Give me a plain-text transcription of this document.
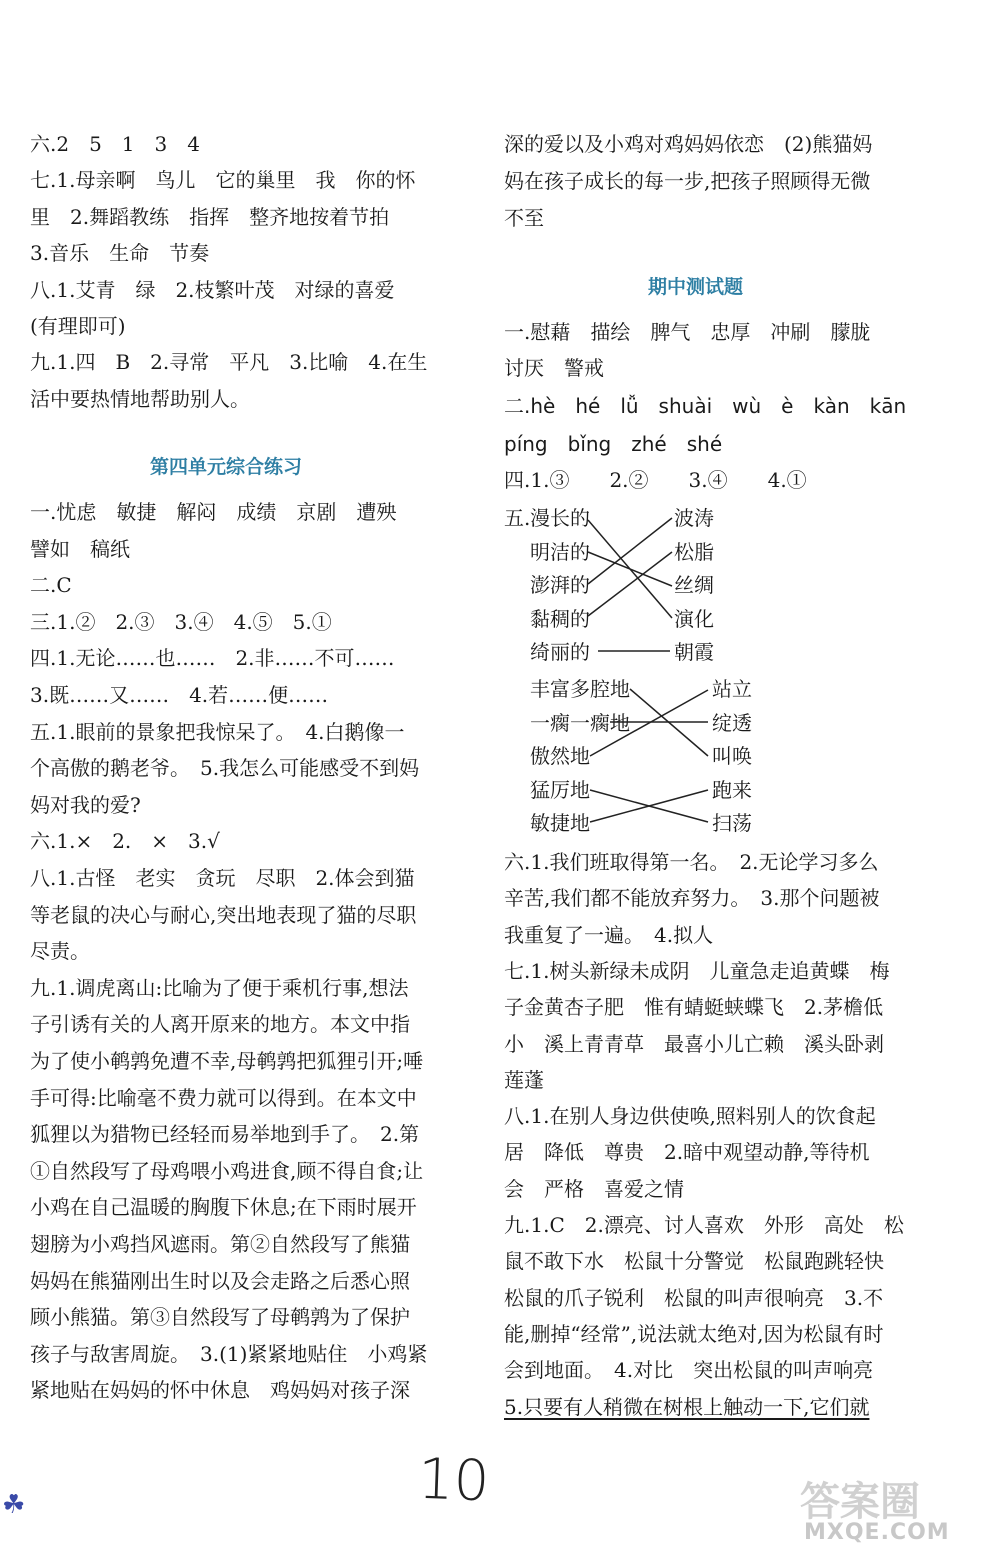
六.2　5　1　3　4
七.1.母亲啊　鸟儿　它的巢里　我　你的怀
里　2.舞蹈教练　指挥　整齐地按着节拍
3.音乐　生命　节奏
八.1.艾青　绿　2.枝繁叶茂　对绿的喜爱
(有理即可)
九.1.四　B　2.寻常　平凡　3.比喻　4.在生
活中要热情地帮助别人。
第四单元综合练习
一.忧虑　敏捷　解闷　成绩　京剧　遭殃
譬如　稿纸
二.C
三.1.②　2.③　3.④　4.⑤　5.①
四.1.无论……也……　2.非……不可……
3.既……又……　4.若……便……
五.1.眼前的景象把我惊呆了。　4.白鹅像一
个高傲的鹅老爷。　5.我怎么可能感受不到妈
妈对我的爱?
六.1.×　2.　×　3.√
八.1.古怪　老实　贪玩　尽职　2.体会到猫
等老鼠的决心与耐心,突出地表现了猫的尽职
尽责。
九.1.调虎离山:比喻为了便于乘机行事,想法
子引诱有关的人离开原来的地方。本文中指
为了使小鹌鹑免遭不幸,母鹌鹑把狐狸引开;唾
手可得:比喻毫不费力就可以得到。在本文中
狐狸以为猎物已经轻而易举地到手了。　2.第
①自然段写了母鸡喂小鸡进食,顾不得自食;让
小鸡在自己温暖的胸腹下休息;在下雨时展开
翅膀为小鸡挡风遮雨。第②自然段写了熊猫
妈妈在熊猫刚出生时以及会走路之后悉心照
顾小熊猫。第③自然段写了母鹌鹑为了保护
孩子与敌害周旋。　3.(1)紧紧地贴住　小鸡紧
紧地贴在妈妈的怀中休息　鸡妈妈对孩子深
深的爱以及小鸡对鸡妈妈依恋　(2)熊猫妈
妈在孩子成长的每一步,把孩子照顾得无微
不至
期中测试题
一.慰藉　描绘　脾气　忠厚　冲刷　朦胧
讨厌　警戒
二.hè　hé　lǚ　shuài　wù　è　kàn　kān
píng　bǐng　zhé　shé
四.1.③　　2.②　　3.④　　4.①
五. 漫长的
明洁的
澎湃的
黏稠的
绮丽的
波涛
松脂
丝绸
演化
朝霞
丰富多腔地
一瘸一瘸地
傲然地
猛厉地
敏捷地
站立
绽透
叫唤
跑来
扫荡
六.1.我们班取得第一名。　2.无论学习多么
辛苦,我们都不能放弃努力。　3.那个问题被
我重复了一遍。　4.拟人
七.1.树头新绿未成阴　儿童急走追黄蝶　梅
子金黄杏子肥　惟有蜻蜓蛱蝶飞　2.茅檐低
小　溪上青青草　最喜小儿亡赖　溪头卧剥
莲蓬
八.1.在别人身边供使唤,照料别人的饮食起
居　降低　尊贵　2.暗中观望动静,等待机
会　严格　喜爱之情
九.1.C　2.漂亮、讨人喜欢　外形　高处　松
鼠不敢下水　松鼠十分警觉　松鼠跑跳轻快
松鼠的爪子锐利　松鼠的叫声很响亮　3.不
能,删掉“经常”,说法就太绝对,因为松鼠有时
会到地面。　4.对比　突出松鼠的叫声响亮
5.只要有人稍微在树根上触动一下,它们就
10
☘	答案圈
MXQE.COM
